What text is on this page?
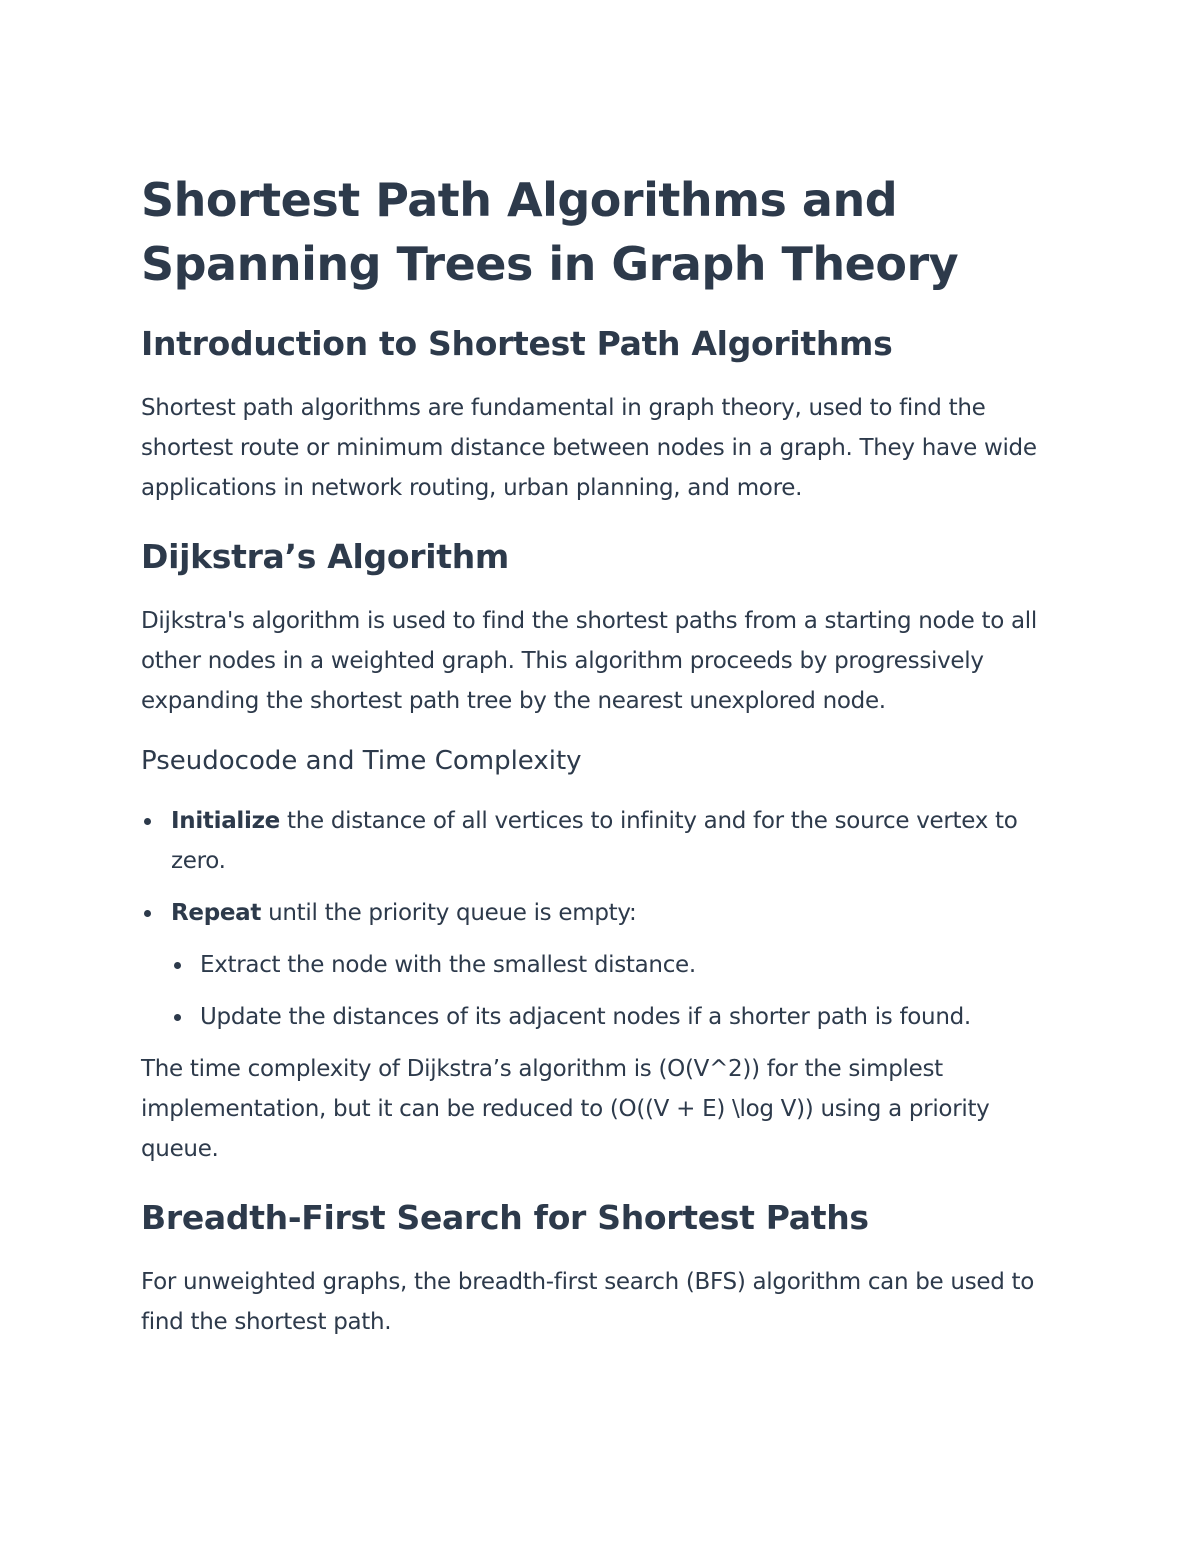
Shortest Path Algorithms and Spanning Trees in Graph Theory
Introduction to Shortest Path Algorithms

Shortest path algorithms are fundamental in graph theory, used to find the shortest route or minimum distance between nodes in a graph. They have wide applications in network routing, urban planning, and more.

Dijkstra’s Algorithm

Dijkstra's algorithm is used to find the shortest paths from a starting node to all other nodes in a weighted graph. This algorithm proceeds by progressively expanding the shortest path tree by the nearest unexplored node.

Pseudocode and Time Complexity
Initialize the distance of all vertices to infinity and for the source vertex to zero.
Repeat until the priority queue is empty:
Extract the node with the smallest distance.
Update the distances of its adjacent nodes if a shorter path is found.

The time complexity of Dijkstra’s algorithm is (O(V^2)) for the simplest implementation, but it can be reduced to (O((V + E) \log V)) using a priority queue.

Breadth-First Search for Shortest Paths

For unweighted graphs, the breadth-first search (BFS) algorithm can be used to find the shortest path.
